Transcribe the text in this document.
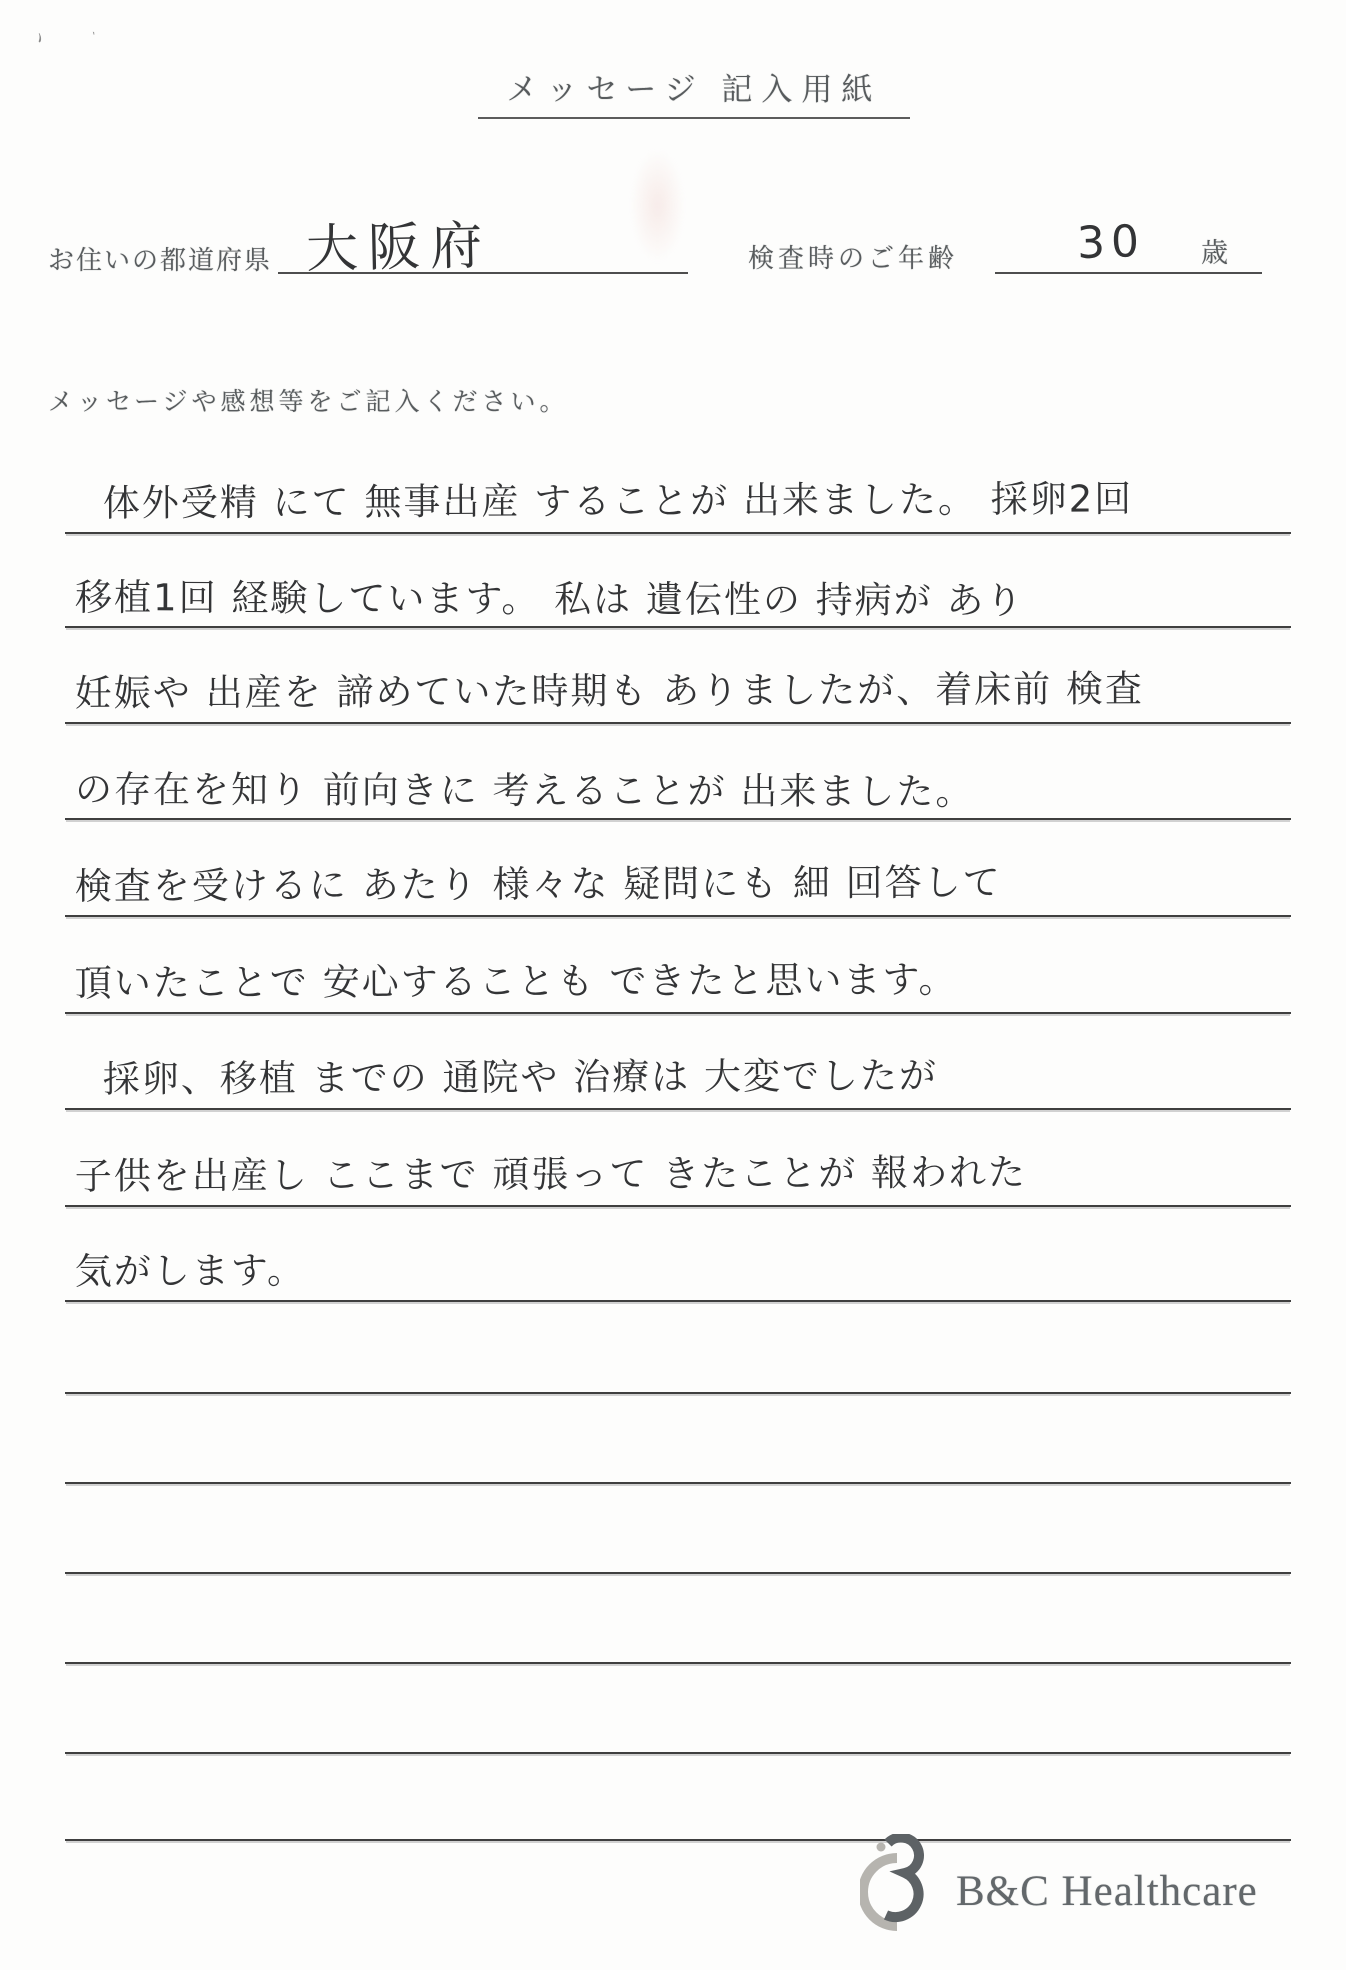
ヽ `
メッセージ 記入用紙
お住いの都道府県 大阪府	検査時のご年齢	30 歳
メッセージや感想等をご記入ください。
体外受精 にて 無事出産 することが 出来ました。 採卵2回
移植1回 経験しています。 私は 遺伝性の 持病が あり
妊娠や 出産を 諦めていた時期も ありましたが、着床前 検査
の存在を知り 前向きに 考えることが 出来ました。
検査を受けるに あたり 様々な 疑問にも 細 回答して
頂いたことで 安心することも できたと思います。
採卵、移植 までの 通院や 治療は 大変でしたが
子供を出産し ここまで 頑張って きたことが 報われた
気がします。
B&C Healthcare
